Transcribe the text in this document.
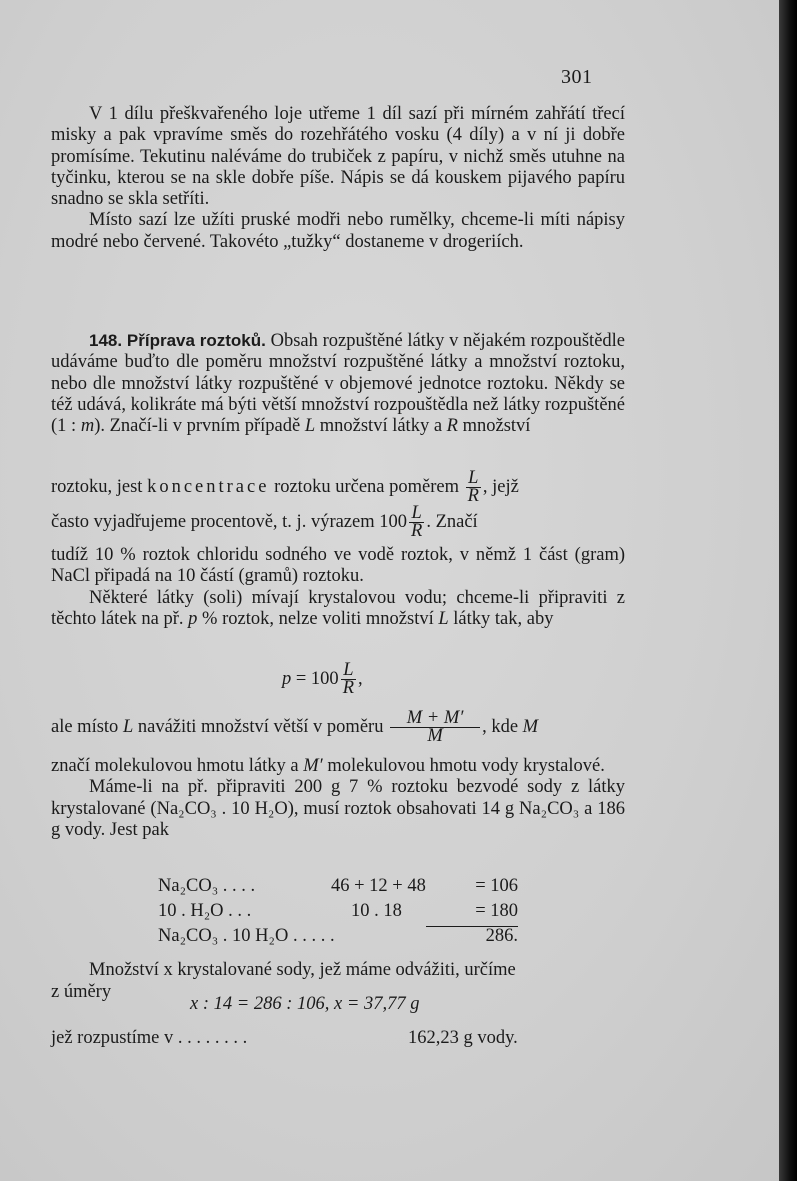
301

V 1 dílu přeškvařeného loje utřeme 1 díl sazí při mírném zahřátí třecí misky a pak vpravíme směs do rozehřátého vosku (4 díly) a v ní ji dobře promísíme. Tekutinu naléváme do trubiček z papíru, v nichž směs utuhne na tyčinku, kterou se na skle dobře píše. Nápis se dá kouskem pijavého papíru snadno se skla setříti.

Místo sazí lze užíti pruské modři nebo rumělky, chceme-li míti nápisy modré nebo červené. Takovéto „tužky“ dostaneme v drogeriích.

148. Příprava roztoků. Obsah rozpuštěné látky v nějakém rozpouštědle udáváme buďto dle poměru množství rozpuštěné látky a množství roztoku, nebo dle množství látky rozpuštěné v objemové jednotce roztoku. Někdy se též udává, kolikráte má býti větší množství rozpouštědla než látky rozpuštěné (1 : m). Značí-li v prvním případě L množství látky a R množství

roztoku, jest koncentrace roztoku určena poměrem $\frac{L}{R}$ , jejž
často vyjadřujeme procentově, t. j. výrazem $100 \frac{L}{R}$ . Značí

tudíž 10 % roztok chloridu sodného ve vodě roztok, v němž 1 část (gram) NaCl připadá na 10 částí (gramů) roztoku.

Některé látky (soli) mívají krystalovou vodu; chceme-li připraviti z těchto látek na př. p % roztok, nelze voliti množství L látky tak, aby

$p = 100 \frac{L}{R}$ ,
ale místo L navážiti množství větší v poměru $\frac{M + M'}{M}$ , kde M

značí molekulovou hmotu látky a M′ molekulovou hmotu vody krystalové.

Máme-li na př. připraviti 200 g 7 % roztoku bezvodé sody z látky krystalované (Na₂CO₃ . 10 H₂O), musí roztok obsahovati 14 g Na₂CO₃ a 186 g vody. Jest pak

Na₂CO₃ . . . .	46 + 12 + 48	= 106
10 . H₂O . . .	10 . 18	= 180
Na₂CO₃ . 10 H₂O . . . . .	286.

Množství x krystalované sody, jež máme odvážiti, určíme

z úměry
x : 14 = 286 : 106, x = 37,77 g
jež rozpustíme v . . . . . . . .	162,23 g vody.
